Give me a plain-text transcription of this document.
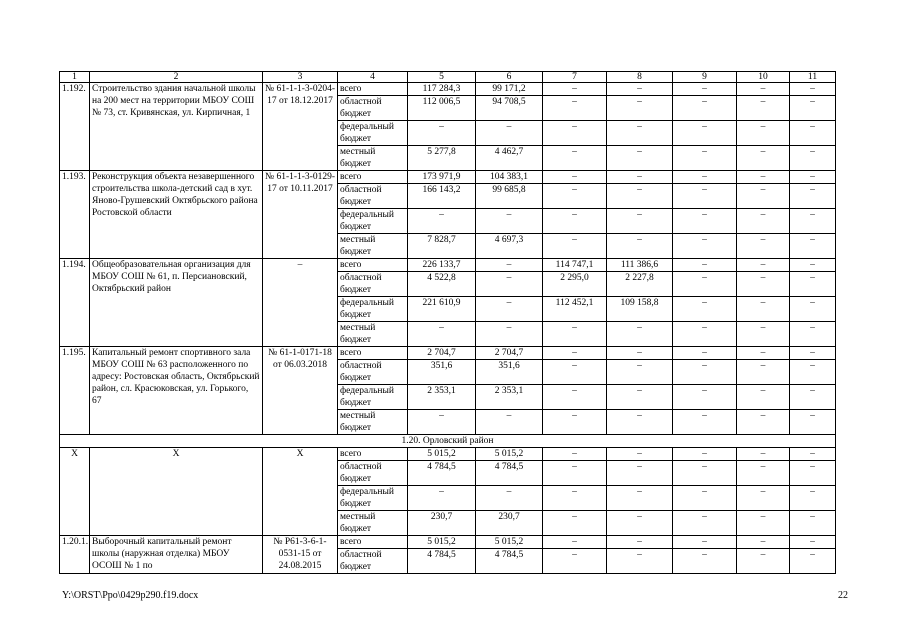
1	2	3	4	5	6	7	8	9	10	11
1.192.	Строительство здания начальной школы на 200 мест на территории МБОУ СОШ № 73, ст. Кривянская, ул. Кирпичная, 1	№ 61-1-1-3-0204-17 от 18.12.2017	всего	117 284,3	99 171,2	–	–	–	–	–
			областной бюджет	112 006,5	94 708,5	–	–	–	–	–
			федеральный бюджет	–	–	–	–	–	–	–
			местный бюджет	5 277,8	4 462,7	–	–	–	–	–
1.193.	Реконструкция объекта незавершенного строительства школа-детский сад в хут. Яново-Грушевский Октябрьского района Ростовской области	№ 61-1-1-3-0129-17 от 10.11.2017	всего	173 971,9	104 383,1	–	–	–	–	–
			областной бюджет	166 143,2	99 685,8	–	–	–	–	–
			федеральный бюджет	–	–	–	–	–	–	–
			местный бюджет	7 828,7	4 697,3	–	–	–	–	–
1.194.	Общеобразовательная организация для МБОУ СОШ № 61, п. Персиановский, Октябрьский район	–	всего	226 133,7	–	114 747,1	111 386,6	–	–	–
			областной бюджет	4 522,8	–	2 295,0	2 227,8	–	–	–
			федеральный бюджет	221 610,9	–	112 452,1	109 158,8	–	–	–
			местный бюджет	–	–	–	–	–	–	–
1.195.	Капитальный ремонт спортивного зала МБОУ СОШ № 63 расположенного по адресу: Ростовская область, Октябрьский район, сл. Красюковская, ул. Горького, 67	№ 61-1-0171-18 от 06.03.2018	всего	2 704,7	2 704,7	–	–	–	–	–
			областной бюджет	351,6	351,6	–	–	–	–	–
			федеральный бюджет	2 353,1	2 353,1	–	–	–	–	–
			местный бюджет	–	–	–	–	–	–	–
1.20. Орловский район										
Х	Х	Х	всего	5 015,2	5 015,2	–	–	–	–	–
			областной бюджет	4 784,5	4 784,5	–	–	–	–	–
			федеральный бюджет	–	–	–	–	–	–	–
			местный бюджет	230,7	230,7	–	–	–	–	–
1.20.1.	Выборочный капитальный ремонт школы (наружная отделка) МБОУ ОСОШ № 1 по	№ Р61-3-6-1-0531-15 от 24.08.2015	всего	5 015,2	5 015,2	–	–	–	–	–
			областной бюджет	4 784,5	4 784,5	–	–	–	–	–
Y:\ORST\Ppo\0429p290.f19.docx	22
